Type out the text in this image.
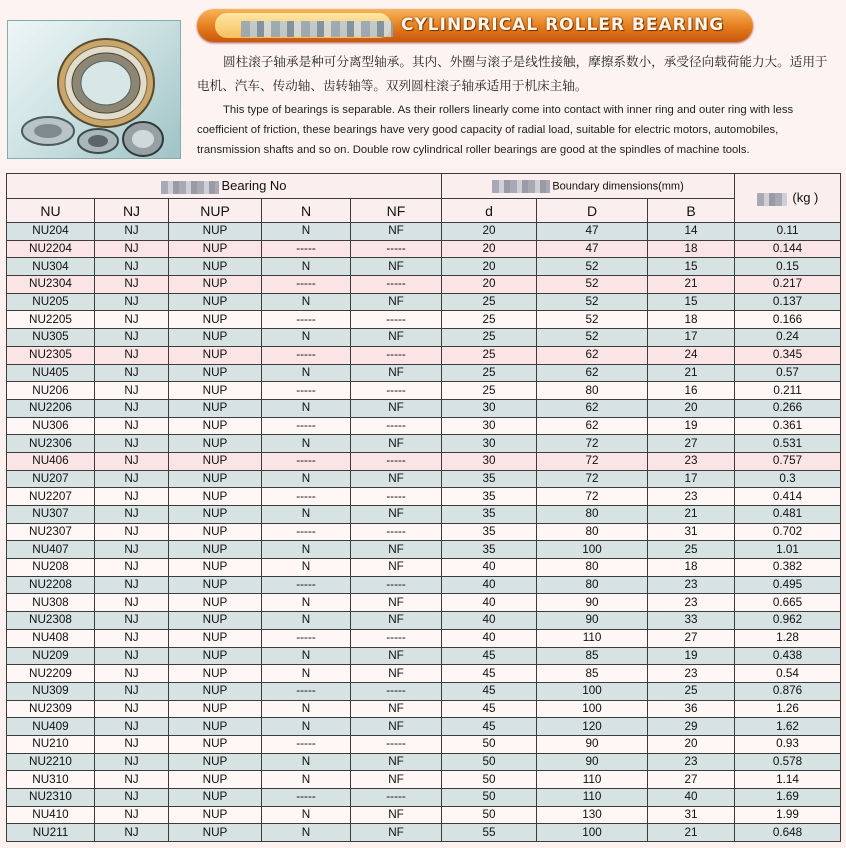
CYLINDRICAL ROLLER BEARING
圆柱滚子轴承是种可分离型轴承。其内、外圈与滚子是线性接触，摩擦系数小，承受径向载荷能力大。适用于电机、汽车、传动轴、齿转轴等。双列圆柱滚子轴承适用于机床主轴。
This type of bearings is separable. As their rollers linearly come into contact with inner ring and outer ring with less coefficient of friction, these bearings have very good capacity of radial load, suitable for electric motors, automobiles, transmission shafts and so on. Double row cylindrical roller bearings are good at the spindles of machine tools.
Bearing No					Boundary dimensions(mm)			(kg )
NU	NJ	NUP	N	NF	d	D	B	
NU204	NJ	NUP	N	NF	20	47	14	0.11
NU2204	NJ	NUP	-----	-----	20	47	18	0.144
NU304	NJ	NUP	N	NF	20	52	15	0.15
NU2304	NJ	NUP	-----	-----	20	52	21	0.217
NU205	NJ	NUP	N	NF	25	52	15	0.137
NU2205	NJ	NUP	-----	-----	25	52	18	0.166
NU305	NJ	NUP	N	NF	25	52	17	0.24
NU2305	NJ	NUP	-----	-----	25	62	24	0.345
NU405	NJ	NUP	N	NF	25	62	21	0.57
NU206	NJ	NUP	-----	-----	25	80	16	0.211
NU2206	NJ	NUP	N	NF	30	62	20	0.266
NU306	NJ	NUP	-----	-----	30	62	19	0.361
NU2306	NJ	NUP	N	NF	30	72	27	0.531
NU406	NJ	NUP	-----	-----	30	72	23	0.757
NU207	NJ	NUP	N	NF	35	72	17	0.3
NU2207	NJ	NUP	-----	-----	35	72	23	0.414
NU307	NJ	NUP	N	NF	35	80	21	0.481
NU2307	NJ	NUP	-----	-----	35	80	31	0.702
NU407	NJ	NUP	N	NF	35	100	25	1.01
NU208	NJ	NUP	N	NF	40	80	18	0.382
NU2208	NJ	NUP	-----	-----	40	80	23	0.495
NU308	NJ	NUP	N	NF	40	90	23	0.665
NU2308	NJ	NUP	N	NF	40	90	33	0.962
NU408	NJ	NUP	-----	-----	40	110	27	1.28
NU209	NJ	NUP	N	NF	45	85	19	0.438
NU2209	NJ	NUP	N	NF	45	85	23	0.54
NU309	NJ	NUP	-----	-----	45	100	25	0.876
NU2309	NJ	NUP	N	NF	45	100	36	1.26
NU409	NJ	NUP	N	NF	45	120	29	1.62
NU210	NJ	NUP	-----	-----	50	90	20	0.93
NU2210	NJ	NUP	N	NF	50	90	23	0.578
NU310	NJ	NUP	N	NF	50	110	27	1.14
NU2310	NJ	NUP	-----	-----	50	110	40	1.69
NU410	NJ	NUP	N	NF	50	130	31	1.99
NU211	NJ	NUP	N	NF	55	100	21	0.648
